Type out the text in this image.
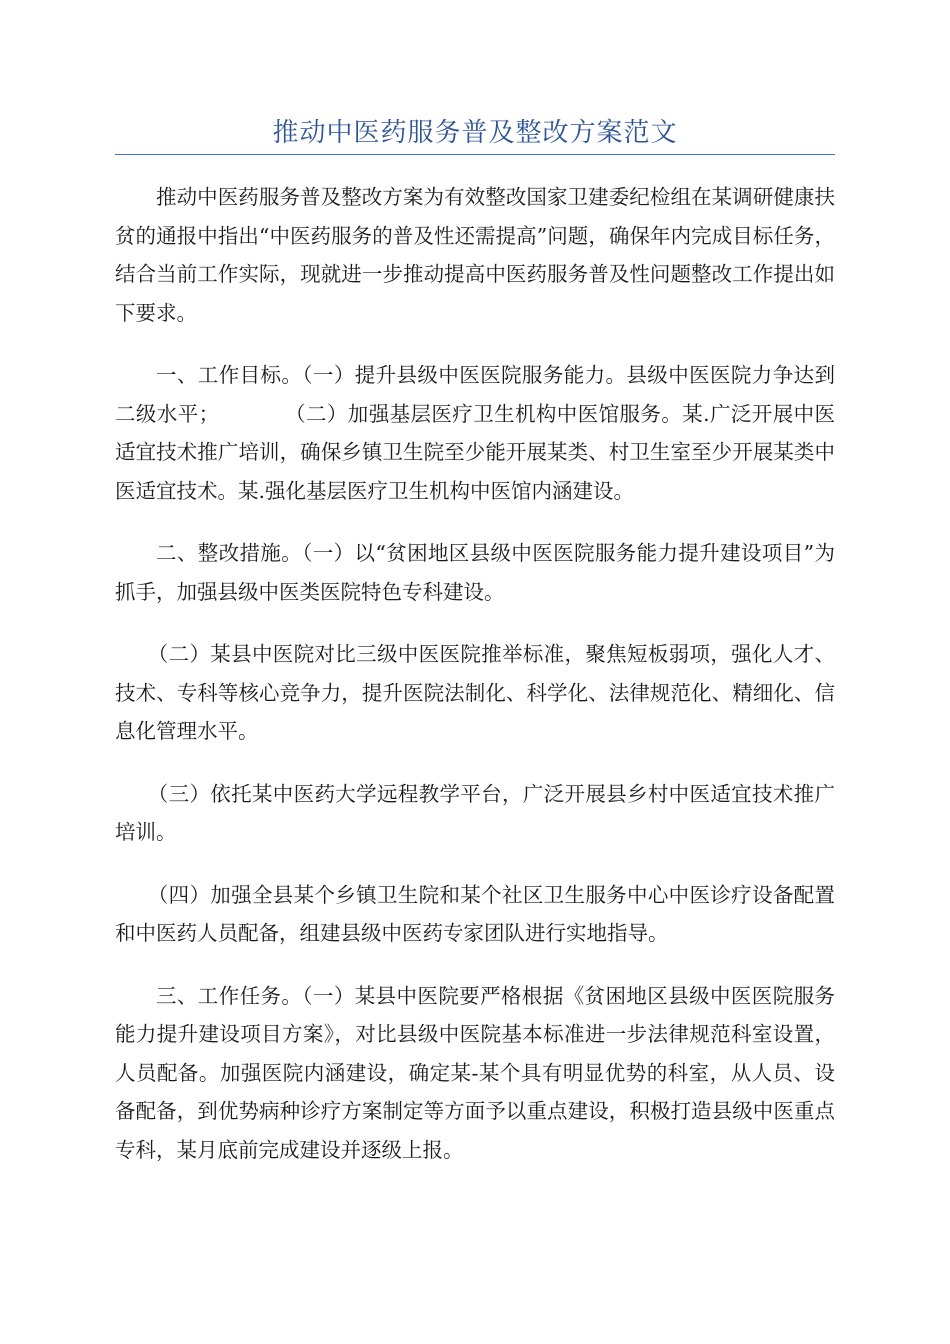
推动中医药服务普及整改方案范文

推动中医药服务普及整改方案为有效整改国家卫建委纪检组在某调研健康扶贫的通报中指出“中医药服务的普及性还需提高”问题，确保年内完成目标任务，结合当前工作实际，现就进一步推动提高中医药服务普及性问题整改工作提出如下要求。

一、工作目标。（一）提升县级中医医院服务能力。县级中医医院力争达到二级水平；	（二）加强基层医疗卫生机构中医馆服务。某.广泛开展中医适宜技术推广培训，确保乡镇卫生院至少能开展某类、村卫生室至少开展某类中医适宜技术。某.强化基层医疗卫生机构中医馆内涵建设。

二、整改措施。（一）以“贫困地区县级中医医院服务能力提升建设项目”为抓手，加强县级中医类医院特色专科建设。

（二）某县中医院对比三级中医医院推举标准，聚焦短板弱项，强化人才、技术、专科等核心竞争力，提升医院法制化、科学化、法律规范化、精细化、信息化管理水平。

（三）依托某中医药大学远程教学平台，广泛开展县乡村中医适宜技术推广培训。

（四）加强全县某个乡镇卫生院和某个社区卫生服务中心中医诊疗设备配置和中医药人员配备，组建县级中医药专家团队进行实地指导。

三、工作任务。（一）某县中医院要严格根据《贫困地区县级中医医院服务能力提升建设项目方案》，对比县级中医院基本标准进一步法律规范科室设置，人员配备。加强医院内涵建设，确定某-某个具有明显优势的科室，从人员、设备配备，到优势病种诊疗方案制定等方面予以重点建设，积极打造县级中医重点专科，某月底前完成建设并逐级上报。
